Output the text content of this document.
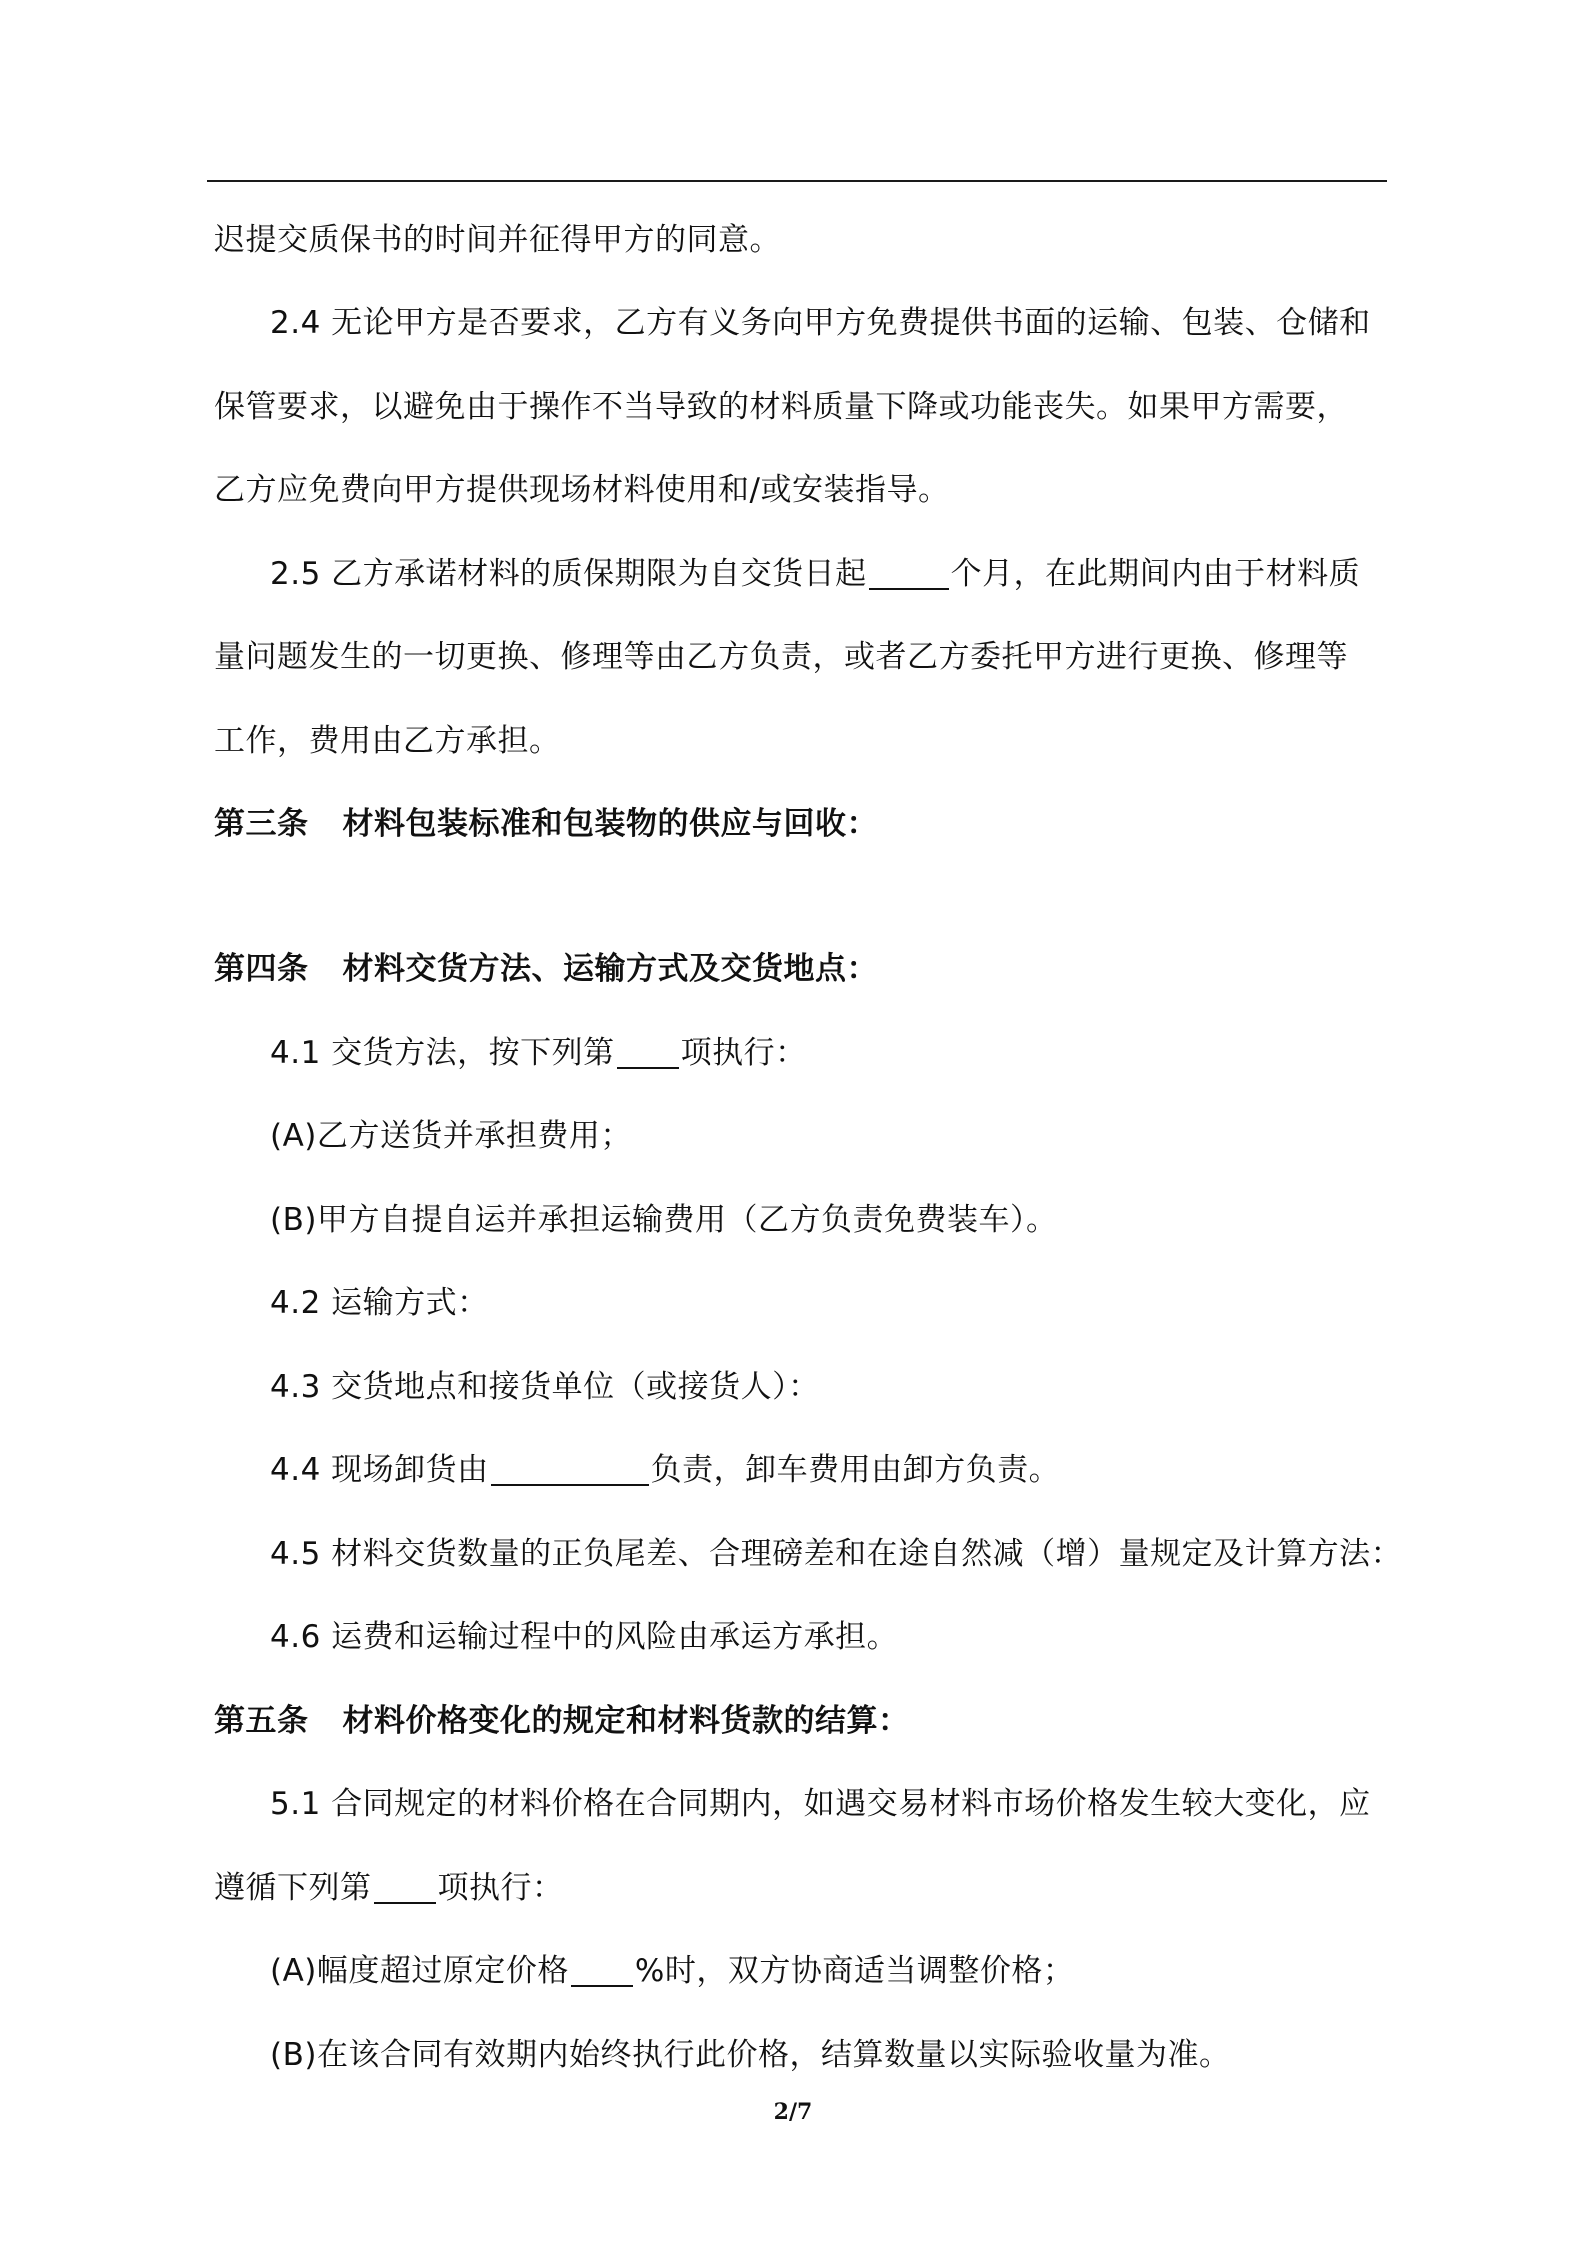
迟提交质保书的时间并征得甲方的同意。
2.4 无论甲方是否要求，乙方有义务向甲方免费提供书面的运输、包装、仓储和
保管要求，以避免由于操作不当导致的材料质量下降或功能丧失。如果甲方需要，
乙方应免费向甲方提供现场材料使用和/或安装指导。
2.5 乙方承诺材料的质保期限为自交货日起	个月，在此期间内由于材料质
量问题发生的一切更换、修理等由乙方负责，或者乙方委托甲方进行更换、修理等
工作，费用由乙方承担。
第三条 材料包装标准和包装物的供应与回收：
第四条 材料交货方法、运输方式及交货地点：
4.1 交货方法，按下列第 项执行：
(A)乙方送货并承担费用；
(B)甲方自提自运并承担运输费用（乙方负责免费装车）。
4.2 运输方式：
4.3 交货地点和接货单位（或接货人）：
4.4 现场卸货由	负责，卸车费用由卸方负责。
4.5 材料交货数量的正负尾差、合理磅差和在途自然减（增）量规定及计算方法：
4.6 运费和运输过程中的风险由承运方承担。
第五条 材料价格变化的规定和材料货款的结算：
5.1 合同规定的材料价格在合同期内，如遇交易材料市场价格发生较大变化，应
遵循下列第 项执行：
(A)幅度超过原定价格 %时，双方协商适当调整价格；
(B)在该合同有效期内始终执行此价格，结算数量以实际验收量为准。
2/7
